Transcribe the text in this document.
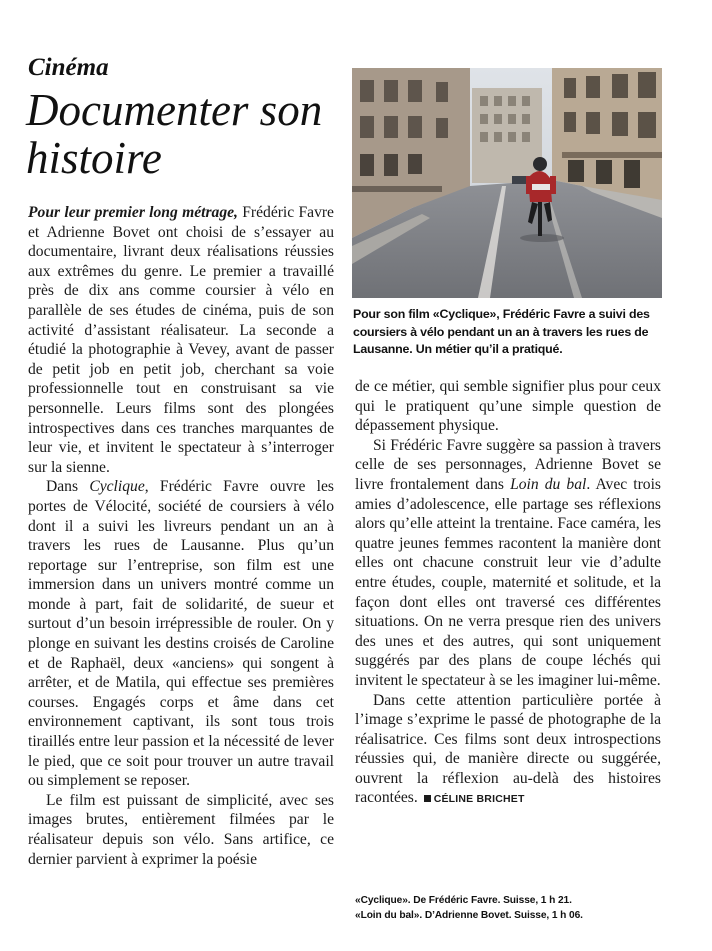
Cinéma
Documenter son histoire

Pour leur premier long métrage, Frédéric Favre et Adrienne Bovet ont choisi de s’essayer au documentaire, livrant deux réalisations réussies aux extrêmes du genre. Le premier a travaillé près de dix ans comme coursier à vélo en parallèle de ses études de cinéma, puis de son activité d’assistant réalisateur. La seconde a étudié la photographie à Vevey, avant de passer de petit job en petit job, cherchant sa voie professionnelle tout en construisant sa vie personnelle. Leurs films sont des plongées introspectives dans ces tranches marquantes de leur vie, et invitent le spectateur à s’interroger sur la sienne.

Dans Cyclique, Frédéric Favre ouvre les portes de Vélocité, société de coursiers à vélo dont il a suivi les livreurs pendant un an à travers les rues de Lausanne. Plus qu’un reportage sur l’entreprise, son film est une immersion dans un univers montré comme un monde à part, fait de solidarité, de sueur et surtout d’un besoin irrépressible de rouler. On y plonge en suivant les destins croisés de Caroline et de Raphaël, deux «anciens» qui songent à arrêter, et de Matila, qui effectue ses premières courses. Engagés corps et âme dans cet environnement captivant, ils sont tous trois tiraillés entre leur passion et la nécessité de lever le pied, que ce soit pour trouver un autre travail ou simplement se reposer.

Le film est puissant de simplicité, avec ses images brutes, entièrement filmées par le réalisateur depuis son vélo. Sans artifice, ce dernier parvient à exprimer la poésie

Pour son film «Cyclique», Frédéric Favre a suivi des coursiers à vélo pendant un an à travers les rues de Lausanne. Un métier qu’il a pratiqué.

de ce métier, qui semble signifier plus pour ceux qui le pratiquent qu’une simple question de dépassement physique.

Si Frédéric Favre suggère sa passion à travers celle de ses personnages, Adrienne Bovet se livre frontalement dans Loin du bal. Avec trois amies d’adolescence, elle partage ses réflexions alors qu’elle atteint la trentaine. Face caméra, les quatre jeunes femmes racontent la manière dont elles ont chacune construit leur vie d’adulte entre études, couple, maternité et solitude, et la façon dont elles ont traversé ces différentes situations. On ne verra presque rien des univers des unes et des autres, qui sont uniquement suggérés par des plans de coupe léchés qui invitent le spectateur à se les imaginer lui-même.

Dans cette attention particulière portée à l’image s’exprime le passé de photographe de la réalisatrice. Ces films sont deux introspections réussies qui, de manière directe ou suggérée, ouvrent la réflexion au-delà des histoires racontées. CÉLINE BRICHET

«Cyclique». De Frédéric Favre. Suisse, 1 h 21.
«Loin du bal». D’Adrienne Bovet. Suisse, 1 h 06.
